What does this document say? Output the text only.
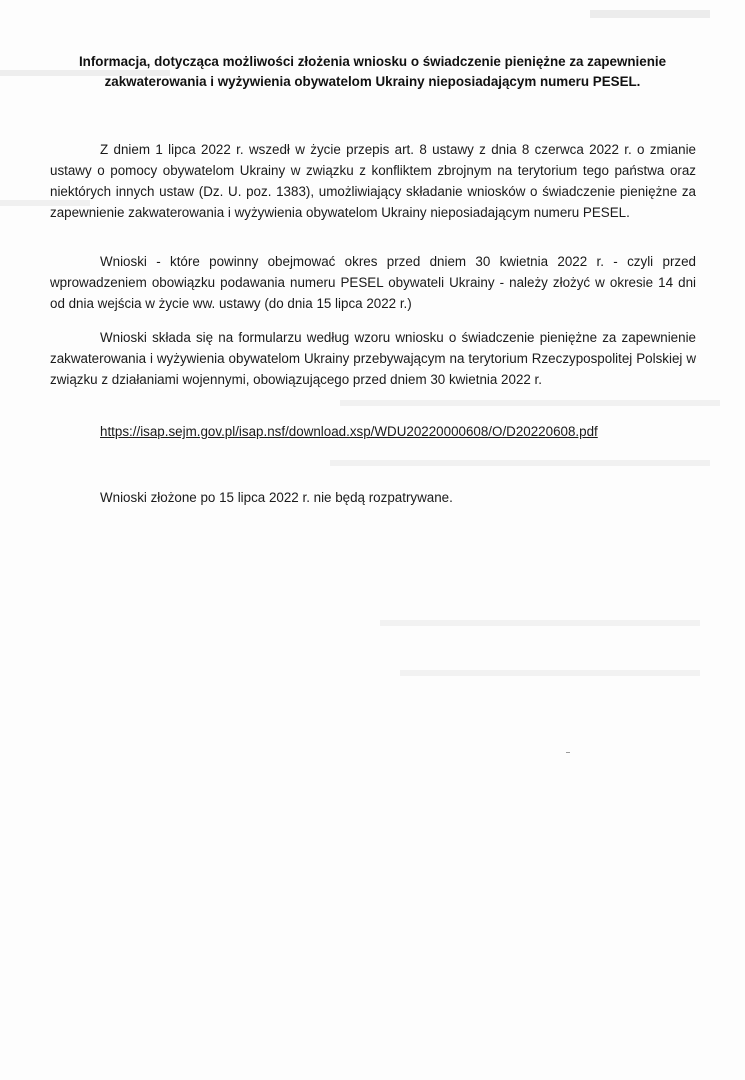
Informacja, dotycząca możliwości złożenia wniosku o świadczenie pieniężne za zapewnienie zakwaterowania i wyżywienia obywatelom Ukrainy nieposiadającym numeru PESEL.

Z dniem 1 lipca 2022 r. wszedł w życie przepis art. 8 ustawy z dnia 8 czerwca 2022 r. o zmianie ustawy o pomocy obywatelom Ukrainy w związku z konfliktem zbrojnym na terytorium tego państwa oraz niektórych innych ustaw (Dz. U. poz. 1383), umożliwiający składanie wniosków o świadczenie pieniężne za zapewnienie zakwaterowania i wyżywienia obywatelom Ukrainy nieposiadającym numeru PESEL.

Wnioski - które powinny obejmować okres przed dniem 30 kwietnia 2022 r. - czyli przed wprowadzeniem obowiązku podawania numeru PESEL obywateli Ukrainy - należy złożyć w okresie 14 dni od dnia wejścia w życie ww. ustawy (do dnia 15 lipca 2022 r.)

Wnioski składa się na formularzu według wzoru wniosku o świadczenie pieniężne za zapewnienie zakwaterowania i wyżywienia obywatelom Ukrainy przebywającym na terytorium Rzeczypospolitej Polskiej w związku z działaniami wojennymi, obowiązującego przed dniem 30 kwietnia 2022 r.

https://isap.sejm.gov.pl/isap.nsf/download.xsp/WDU20220000608/O/D20220608.pdf

Wnioski złożone po 15 lipca 2022 r. nie będą rozpatrywane.
